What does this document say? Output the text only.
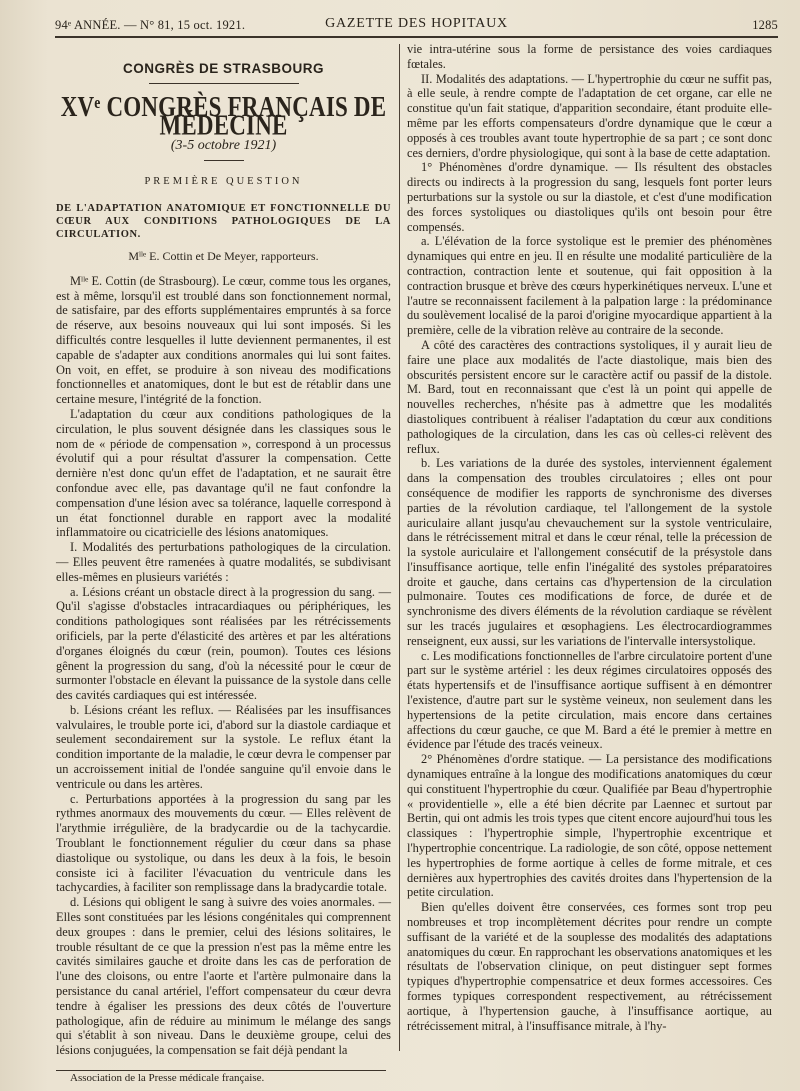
94ᵉ ANNÉE. — N° 81, 15 oct. 1921.	GAZETTE DES HOPITAUX	1285
CONGRÈS DE STRASBOURG
XVᵉ CONGRÈS FRANÇAIS DE MÉDECINE
(3-5 octobre 1921)
PREMIÈRE QUESTION
DE L'ADAPTATION ANATOMIQUE ET FONCTIONNELLE DU CŒUR AUX CONDITIONS PATHOLOGIQUES DE LA CIRCULATION.
Mˡˡᵉ E. Cottin et De Meyer, rapporteurs.

Mˡˡᵉ E. Cottin (de Strasbourg). Le cœur, comme tous les organes, est à même, lorsqu'il est troublé dans son fonctionnement normal, de satisfaire, par des efforts supplémentaires empruntés à sa force de réserve, aux besoins nouveaux qui lui sont imposés. Si les difficultés contre lesquelles il lutte deviennent permanentes, il est capable de s'adapter aux conditions anormales qui lui sont faites. On voit, en effet, se produire à son niveau des modifications fonctionnelles et anatomiques, dont le but est de rétablir dans une certaine mesure, l'intégrité de la fonction.

L'adaptation du cœur aux conditions pathologiques de la circulation, le plus souvent désignée dans les classiques sous le nom de « période de compensation », correspond à un processus évolutif qui a pour résultat d'assurer la compensation. Cette dernière n'est donc qu'un effet de l'adaptation, et ne saurait être confondue avec elle, pas davantage qu'il ne faut confondre la compensation d'une lésion avec sa tolérance, laquelle correspond à un état fonctionnel durable en rapport avec la modalité inflammatoire ou cicatricielle des lésions anatomiques.

I. Modalités des perturbations pathologiques de la circulation. — Elles peuvent être ramenées à quatre modalités, se subdivisant elles-mêmes en plusieurs variétés :

a. Lésions créant un obstacle direct à la progression du sang. — Qu'il s'agisse d'obstacles intracardiaques ou périphériques, les conditions pathologiques sont réalisées par les rétrécissements orificiels, par la perte d'élasticité des artères et par les altérations d'organes éloignés du cœur (rein, poumon). Toutes ces lésions gênent la progression du sang, d'où la nécessité pour le cœur de surmonter l'obstacle en élevant la puissance de la systole dans celle des cavités cardiaques qui est intéressée.

b. Lésions créant les reflux. — Réalisées par les insuffisances valvulaires, le trouble porte ici, d'abord sur la diastole cardiaque et seulement secondairement sur la systole. Le reflux étant la condition importante de la maladie, le cœur devra le compenser par un accroissement initial de l'ondée sanguine qu'il envoie dans le ventricule ou dans les artères.

c. Perturbations apportées à la progression du sang par les rythmes anormaux des mouvements du cœur. — Elles relèvent de l'arythmie irrégulière, de la bradycardie ou de la tachycardie. Troublant le fonctionnement régulier du cœur dans sa phase diastolique ou systolique, ou dans les deux à la fois, le besoin consiste ici à faciliter l'évacuation du ventricule dans les tachycardies, à faciliter son remplissage dans la bradycardie totale.

d. Lésions qui obligent le sang à suivre des voies anormales. — Elles sont constituées par les lésions congénitales qui comprennent deux groupes : dans le premier, celui des lésions solitaires, le trouble résultant de ce que la pression n'est pas la même entre les cavités similaires gauche et droite dans les cas de perforation de l'une des cloisons, ou entre l'aorte et l'artère pulmonaire dans la persistance du canal artériel, l'effort compensateur du cœur devra tendre à égaliser les pressions des deux côtés de l'ouverture pathologique, afin de réduire au minimum le mélange des sangs qui s'établit à son niveau. Dans le deuxième groupe, celui des lésions conjuguées, la compensation se fait déjà pendant la

Association de la Presse médicale française.

vie intra-utérine sous la forme de persistance des voies cardiaques fœtales.

II. Modalités des adaptations. — L'hypertrophie du cœur ne suffit pas, à elle seule, à rendre compte de l'adaptation de cet organe, car elle ne constitue qu'un fait statique, d'apparition secondaire, étant produite elle-même par les efforts compensateurs d'ordre dynamique que le cœur a opposés à ces troubles avant toute hypertrophie de sa part ; ce sont donc ces derniers, d'ordre physiologique, qui sont à la base de cette adaptation.

1° Phénomènes d'ordre dynamique. — Ils résultent des obstacles directs ou indirects à la progression du sang, lesquels font porter leurs perturbations sur la systole ou sur la diastole, et c'est d'une modification des forces systoliques ou diastoliques qu'ils ont besoin pour être compensés.

a. L'élévation de la force systolique est le premier des phénomènes dynamiques qui entre en jeu. Il en résulte une modalité particulière de la contraction, contraction lente et soutenue, qui fait opposition à la contraction brusque et brève des cœurs hyperkinétiques nerveux. L'une et l'autre se reconnaissent facilement à la palpation large : la prédominance du soulèvement localisé de la paroi d'origine myocardique appartient à la première, celle de la vibration relève au contraire de la seconde.

A côté des caractères des contractions systoliques, il y aurait lieu de faire une place aux modalités de l'acte diastolique, mais bien des obscurités persistent encore sur le caractère actif ou passif de la distole. M. Bard, tout en reconnaissant que c'est là un point qui appelle de nouvelles recherches, n'hésite pas à admettre que les modalités diastoliques contribuent à réaliser l'adaptation du cœur aux conditions pathologiques de la circulation, dans les cas où celles-ci relèvent des reflux.

b. Les variations de la durée des systoles, interviennent également dans la compensation des troubles circulatoires ; elles ont pour conséquence de modifier les rapports de synchronisme des diverses parties de la révolution cardiaque, tel l'allongement de la systole auriculaire allant jusqu'au chevauchement sur la systole ventriculaire, dans le rétrécissement mitral et dans le cœur rénal, telle la précession de la systole auriculaire et l'allongement consécutif de la présystole dans l'insuffisance aortique, telle enfin l'inégalité des systoles préparatoires droite et gauche, dans certains cas d'hypertension de la circulation pulmonaire. Toutes ces modifications de force, de durée et de synchronisme des divers éléments de la révolution cardiaque se révèlent sur les tracés jugulaires et œsophagiens. Les électrocardiogrammes renseignent, eux aussi, sur les variations de l'intervalle intersystolique.

c. Les modifications fonctionnelles de l'arbre circulatoire portent d'une part sur le système artériel : les deux régimes circulatoires opposés des états hypertensifs et de l'insuffisance aortique suffisent à en démontrer l'existence, d'autre part sur le système veineux, non seulement dans les hypertensions de la petite circulation, mais encore dans certaines affections du cœur gauche, ce que M. Bard a été le premier à mettre en évidence par l'étude des tracés veineux.

2° Phénomènes d'ordre statique. — La persistance des modifications dynamiques entraîne à la longue des modifications anatomiques du cœur qui constituent l'hypertrophie du cœur. Qualifiée par Beau d'hypertrophie « providentielle », elle a été bien décrite par Laennec et surtout par Bertin, qui ont admis les trois types que citent encore aujourd'hui tous les classiques : l'hypertrophie simple, l'hypertrophie excentrique et l'hypertrophie concentrique. La radiologie, de son côté, oppose nettement les hypertrophies de forme aortique à celles de forme mitrale, et ces dernières aux hypertrophies des cavités droites dans l'hypertension de la petite circulation.

Bien qu'elles doivent être conservées, ces formes sont trop peu nombreuses et trop incomplètement décrites pour rendre un compte suffisant de la variété et de la souplesse des modalités des adaptations anatomiques du cœur. En rapprochant les observations anatomiques et les résultats de l'observation clinique, on peut distinguer sept formes typiques d'hypertrophie compensatrice et deux formes accessoires. Ces formes typiques correspondent respectivement, au rétrécissement aortique, à l'hypertension gauche, à l'insuffisance aortique, au rétrécissement mitral, à l'insuffisance mitrale, à l'hy-
